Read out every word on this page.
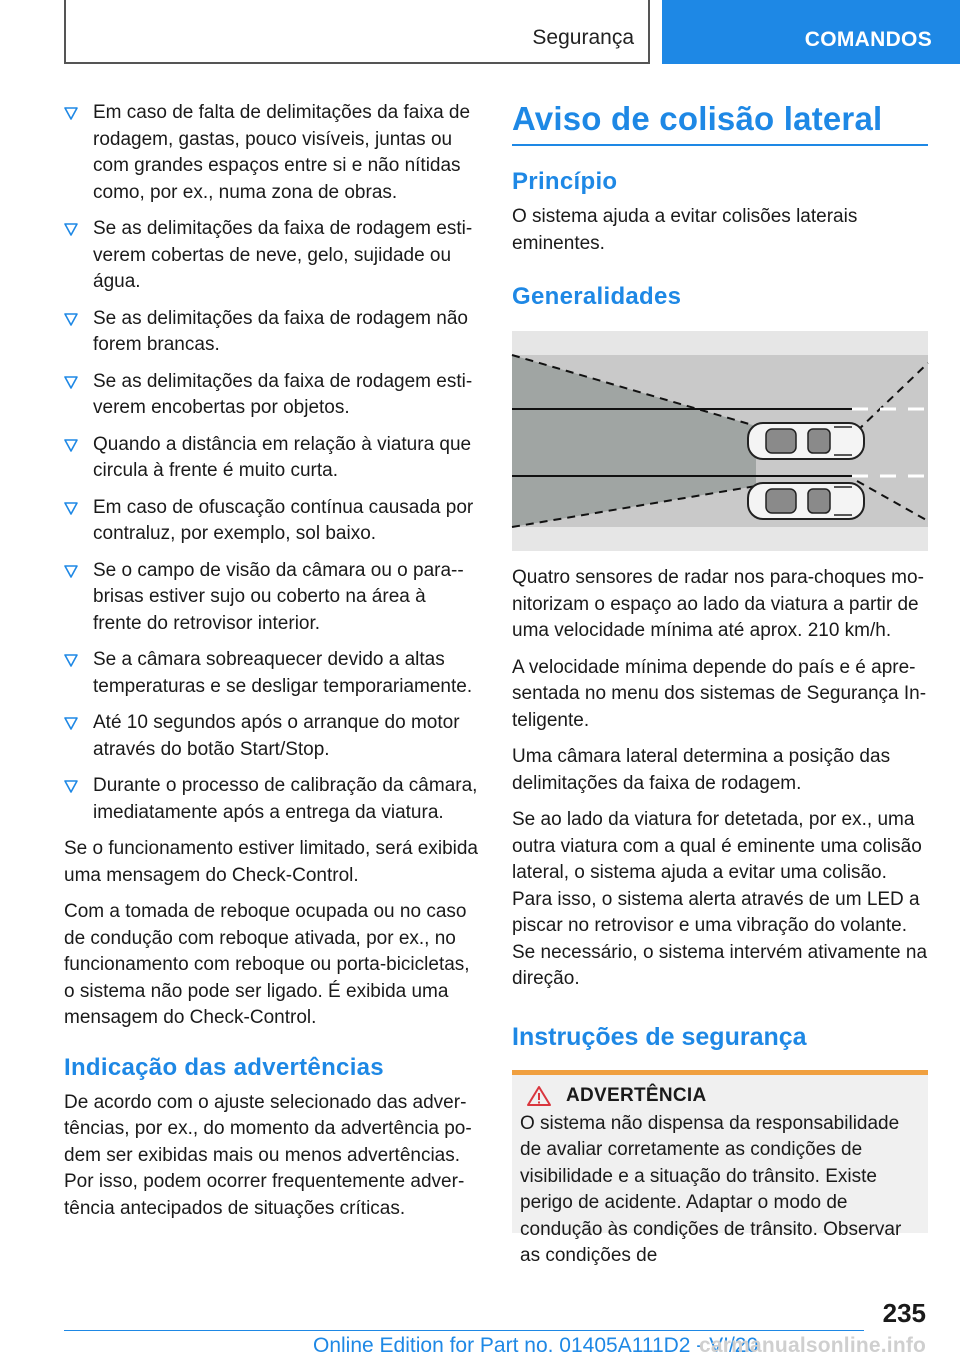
Segurança	COMANDOS
Em caso de falta de delimitações da faixa de rodagem, gastas, pouco visíveis, juntas ou com grandes espaços entre si e não nítidas como, por ex., numa zona de obras.
Se as delimitações da faixa de rodagem estiverem cobertas de neve, gelo, sujidade ou água.
Se as delimitações da faixa de rodagem não forem brancas.
Se as delimitações da faixa de rodagem estiverem encobertas por objetos.
Quando a distância em relação à viatura que circula à frente é muito curta.
Em caso de ofuscação contínua causada por contraluz, por exemplo, sol baixo.
Se o campo de visão da câmara ou o para-‐brisas estiver sujo ou coberto na área à frente do retrovisor interior.
Se a câmara sobreaquecer devido a altas temperaturas e se desligar temporariamente.
Até 10 segundos após o arranque do motor através do botão Start/Stop.
Durante o processo de calibração da câmara, imediatamente após a entrega da viatura.

Se o funcionamento estiver limitado, será exibida uma mensagem do Check-Control.

Com a tomada de reboque ocupada ou no caso de condução com reboque ativada, por ex., no funcionamento com reboque ou porta-bicicletas, o sistema não pode ser ligado. É exibida uma mensagem do Check-Control.

Indicação das advertências

De acordo com o ajuste selecionado das advertências, por ex., do momento da advertência podem ser exibidas mais ou menos advertências. Por isso, podem ocorrer frequentemente advertência antecipados de situações críticas.

Aviso de colisão lateral
Princípio

O sistema ajuda a evitar colisões laterais eminentes.

Generalidades

Quatro sensores de radar nos para-choques monitorizam o espaço ao lado da viatura a partir de uma velocidade mínima até aprox. 210 km/h.

A velocidade mínima depende do país e é apresentada no menu dos sistemas de Segurança Inteligente.

Uma câmara lateral determina a posição das delimitações da faixa de rodagem.

Se ao lado da viatura for detetada, por ex., uma outra viatura com a qual é eminente uma colisão lateral, o sistema ajuda a evitar uma colisão. Para isso, o sistema alerta através de um LED a piscar no retrovisor e uma vibração do volante. Se necessário, o sistema intervém ativamente na direção.

Instruções de segurança
ADVERTÊNCIA

O sistema não dispensa da responsabilidade de avaliar corretamente as condições de visibilidade e a situação do trânsito. Existe perigo de acidente. Adaptar o modo de condução às condições de trânsito. Observar as condições de

235
Online Edition for Part no. 01405A111D2 - VI/20
carmanualsonline.info
